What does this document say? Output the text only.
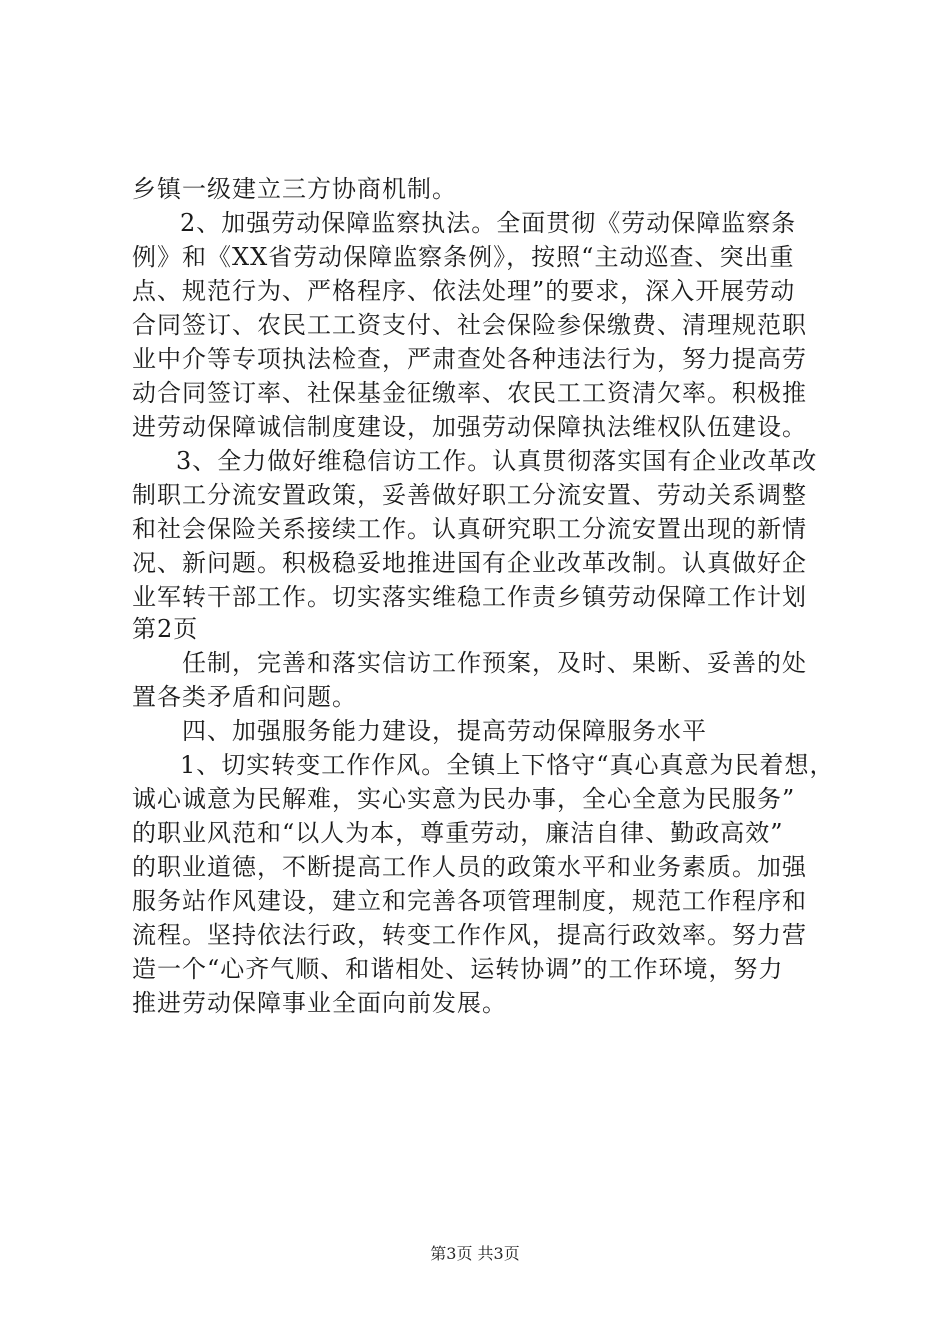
乡镇一级建立三方协商机制。
2、加强劳动保障监察执法。全面贯彻《劳动保障监察条
例》和《XX省劳动保障监察条例》，按照“主动巡查、突出重
点、规范行为、严格程序、依法处理”的要求，深入开展劳动
合同签订、农民工工资支付、社会保险参保缴费、清理规范职
业中介等专项执法检查，严肃查处各种违法行为，努力提高劳
动合同签订率、社保基金征缴率、农民工工资清欠率。积极推
进劳动保障诚信制度建设，加强劳动保障执法维权队伍建设。
3、全力做好维稳信访工作。认真贯彻落实国有企业改革改
制职工分流安置政策，妥善做好职工分流安置、劳动关系调整
和社会保险关系接续工作。认真研究职工分流安置出现的新情
况、新问题。积极稳妥地推进国有企业改革改制。认真做好企
业军转干部工作。切实落实维稳工作责乡镇劳动保障工作计划
第2页
任制，完善和落实信访工作预案，及时、果断、妥善的处
置各类矛盾和问题。
四、加强服务能力建设，提高劳动保障服务水平
1、切实转变工作作风。全镇上下恪守“真心真意为民着想，
诚心诚意为民解难，实心实意为民办事，全心全意为民服务”
的职业风范和“以人为本，尊重劳动，廉洁自律、勤政高效”
的职业道德，不断提高工作人员的政策水平和业务素质。加强
服务站作风建设，建立和完善各项管理制度，规范工作程序和
流程。坚持依法行政，转变工作作风，提高行政效率。努力营
造一个“心齐气顺、和谐相处、运转协调”的工作环境，努力
推进劳动保障事业全面向前发展。
第3页 共3页
